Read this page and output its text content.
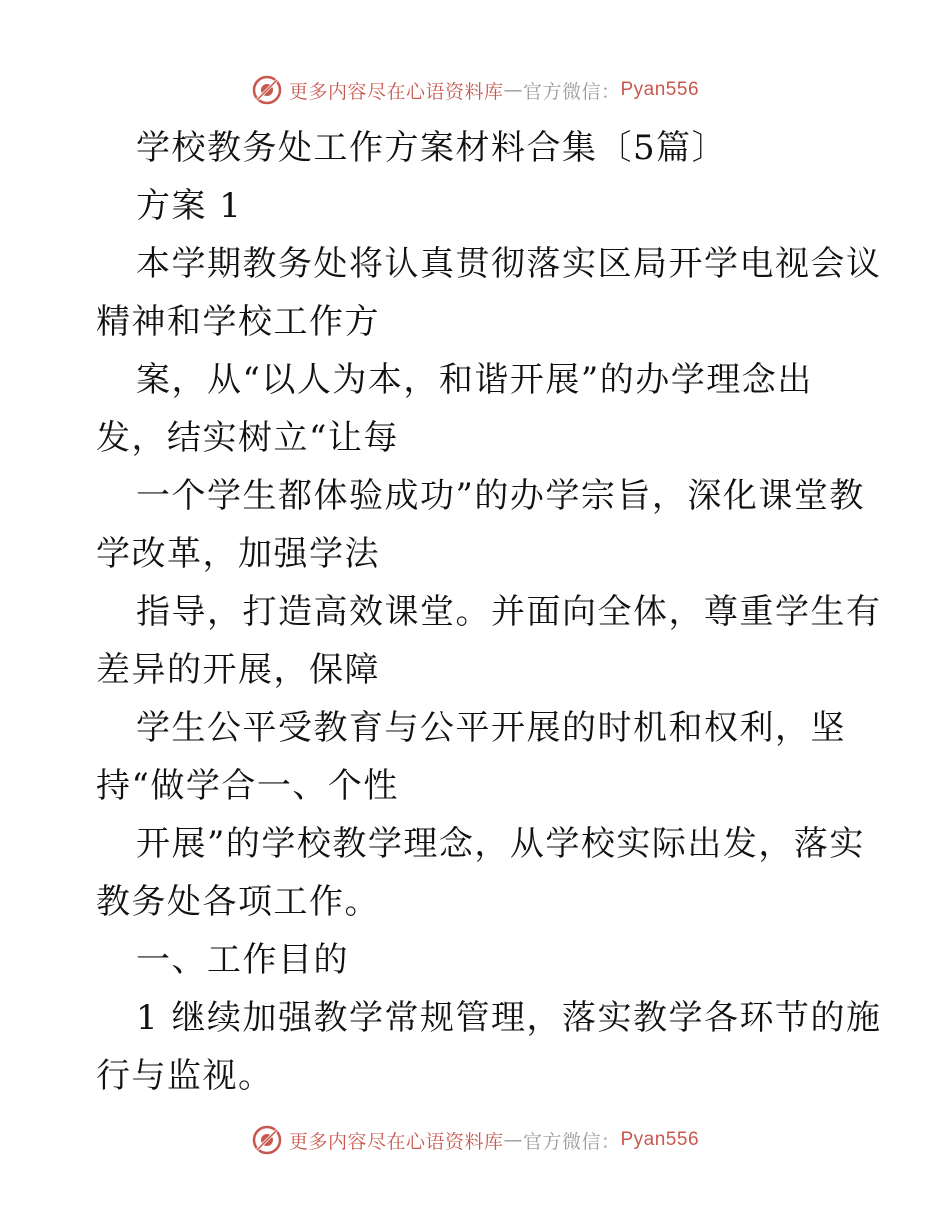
更多内容尽在心语资料库 — 官方微信： Pyan556
学校教务处工作方案材料合集〔5篇〕
方案 1
本学期教务处将认真贯彻落实区局开学电视会议
精神和学校工作方
案，从“以人为本，和谐开展”的办学理念出
发，结实树立“让每
一个学生都体验成功”的办学宗旨，深化课堂教
学改革，加强学法
指导，打造高效课堂。并面向全体，尊重学生有
差异的开展，保障
学生公平受教育与公平开展的时机和权利，坚
持“做学合一、个性
开展”的学校教学理念，从学校实际出发，落实
教务处各项工作。
一、工作目的
1 继续加强教学常规管理，落实教学各环节的施
行与监视。
更多内容尽在心语资料库 — 官方微信： Pyan556
